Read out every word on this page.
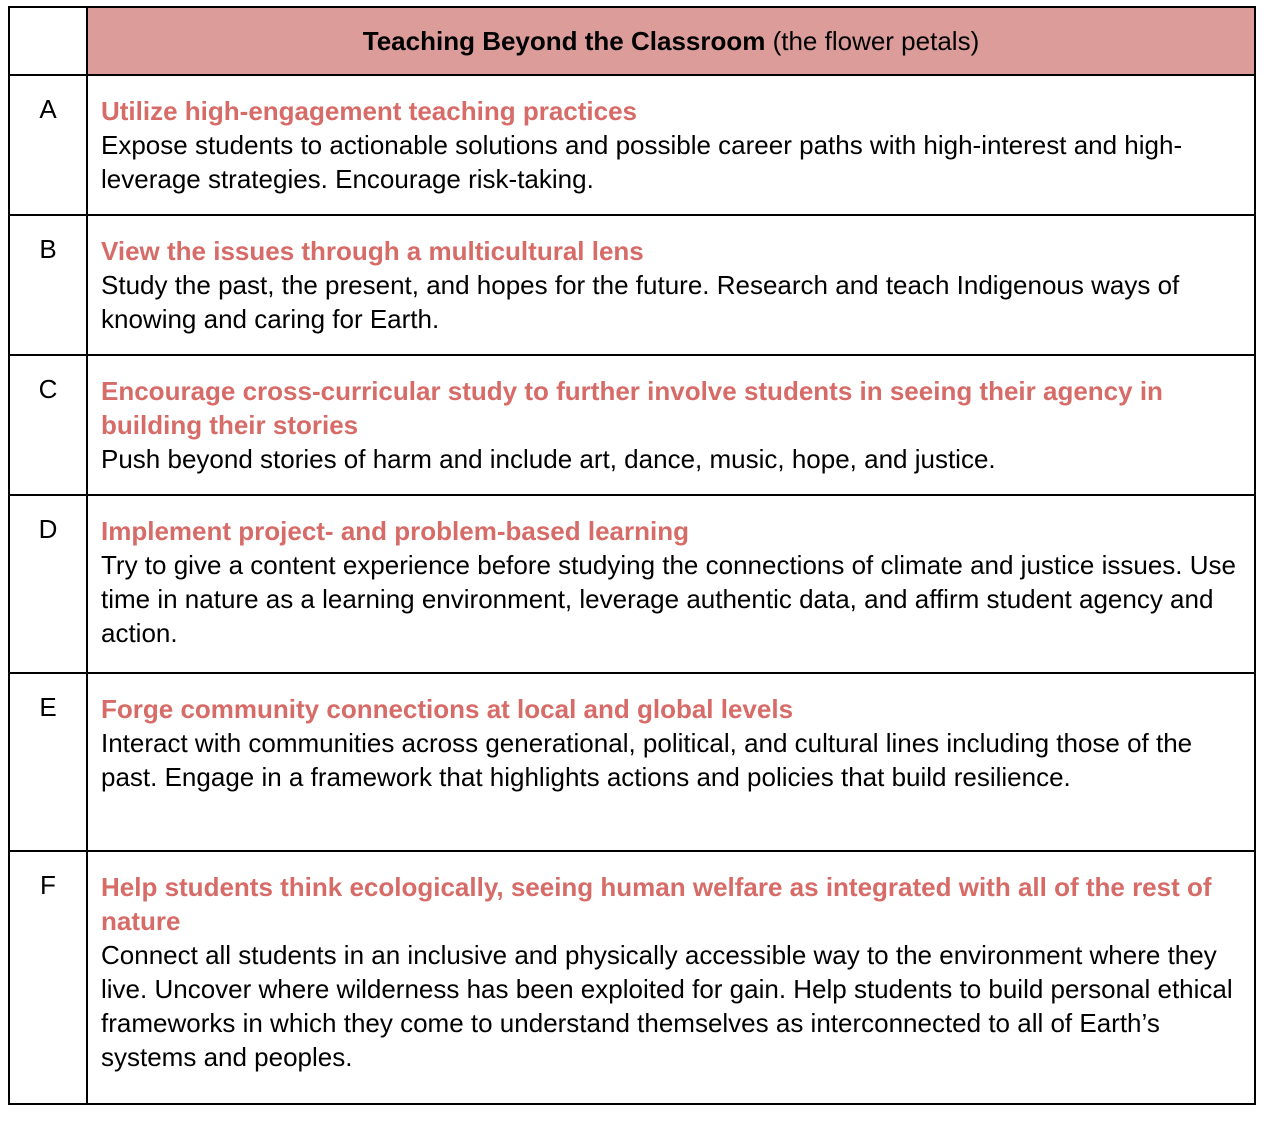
	Teaching Beyond the Classroom (the flower petals)
A	Utilize high-engagement teaching practices
Expose students to actionable solutions and possible career paths with high-interest and high-leverage strategies. Encourage risk-taking.

B	View the issues through a multicultural lens
Study the past, the present, and hopes for the future. Research and teach Indigenous ways of knowing and caring for Earth.

C	Encourage cross-curricular study to further involve students in seeing their agency in building their stories
Push beyond stories of harm and include art, dance, music, hope, and justice.

D	Implement project- and problem-based learning
Try to give a content experience before studying the connections of climate and justice issues. Use time in nature as a learning environment, leverage authentic data, and affirm student agency and action.

E	Forge community connections at local and global levels
Interact with communities across generational, political, and cultural lines including those of the past. Engage in a framework that highlights actions and policies that build resilience.

F	Help students think ecologically, seeing human welfare as integrated with all of the rest of nature
Connect all students in an inclusive and physically accessible way to the environment where they live. Uncover where wilderness has been exploited for gain. Help students to build personal ethical frameworks in which they come to understand themselves as interconnected to all of Earth’s systems and peoples.
